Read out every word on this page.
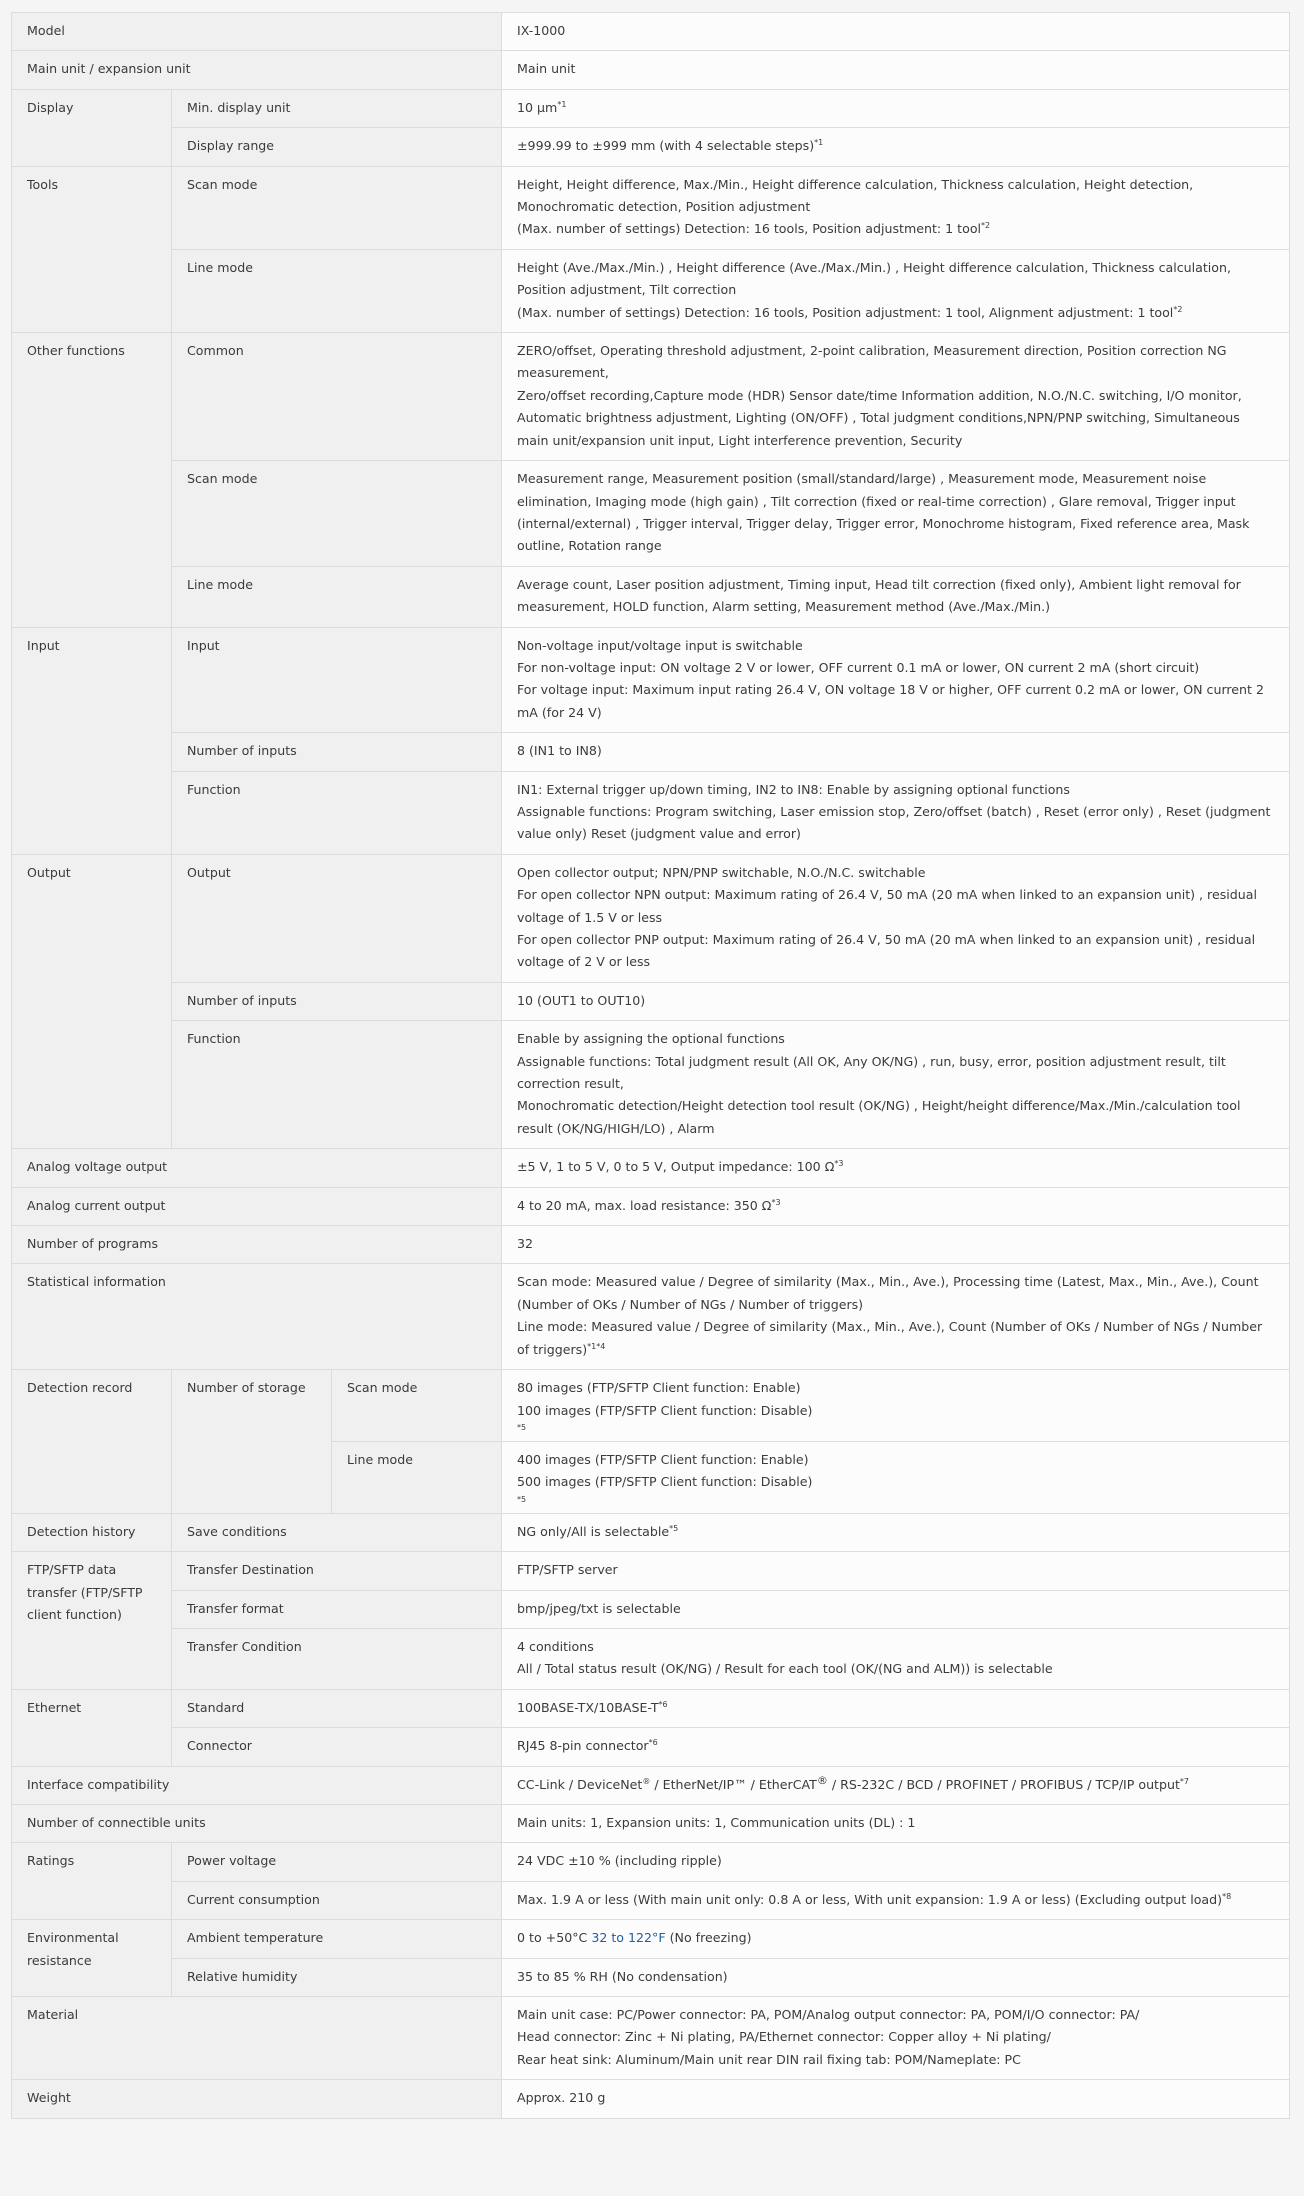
Model			IX-1000
Main unit / expansion unit			Main unit
Display	Min. display unit		10 µm$^{*1}$
	Display range		±999.99 to ±999 mm (with 4 selectable steps)$^{*1}$
Tools	Scan mode		Height, Height difference, Max./Min., Height difference calculation, Thickness calculation, Height detection, Monochromatic detection, Position adjustment
(Max. number of settings) Detection: 16 tools, Position adjustment: 1 tool$^{*2}$

	Line mode		Height (Ave./Max./Min.) , Height difference (Ave./Max./Min.) , Height difference calculation, Thickness calculation, Position adjustment, Tilt correction
(Max. number of settings) Detection: 16 tools, Position adjustment: 1 tool, Alignment adjustment: 1 tool$^{*2}$

Other functions	Common		ZERO/offset, Operating threshold adjustment, 2-point calibration, Measurement direction, Position correction NG measurement,
Zero/offset recording,Capture mode (HDR) Sensor date/time Information addition, N.O./N.C. switching, I/O monitor, Automatic brightness adjustment, Lighting (ON/OFF) , Total judgment conditions,NPN/PNP switching, Simultaneous main unit/expansion unit input, Light interference prevention, Security

	Scan mode		Measurement range, Measurement position (small/standard/large) , Measurement mode, Measurement noise elimination, Imaging mode (high gain) , Tilt correction (fixed or real-time correction) , Glare removal, Trigger input (internal/external) , Trigger interval, Trigger delay, Trigger error, Monochrome histogram, Fixed reference area, Mask outline, Rotation range
	Line mode		Average count, Laser position adjustment, Timing input, Head tilt correction (fixed only), Ambient light removal for measurement, HOLD function, Alarm setting, Measurement method (Ave./Max./Min.)
Input	Input		Non-voltage input/voltage input is switchable
For non-voltage input: ON voltage 2 V or lower, OFF current 0.1 mA or lower, ON current 2 mA (short circuit)
For voltage input: Maximum input rating 26.4 V, ON voltage 18 V or higher, OFF current 0.2 mA or lower, ON current 2 mA (for 24 V)

	Number of inputs		8 (IN1 to IN8)
	Function		IN1: External trigger up/down timing, IN2 to IN8: Enable by assigning optional functions
Assignable functions: Program switching, Laser emission stop, Zero/offset (batch) , Reset (error only) , Reset (judgment value only) Reset (judgment value and error)

Output	Output		Open collector output; NPN/PNP switchable, N.O./N.C. switchable
For open collector NPN output: Maximum rating of 26.4 V, 50 mA (20 mA when linked to an expansion unit) , residual voltage of 1.5 V or less
For open collector PNP output: Maximum rating of 26.4 V, 50 mA (20 mA when linked to an expansion unit) , residual voltage of 2 V or less

	Number of inputs		10 (OUT1 to OUT10)
	Function		Enable by assigning the optional functions
Assignable functions: Total judgment result (All OK, Any OK/NG) , run, busy, error, position adjustment result, tilt correction result,
Monochromatic detection/Height detection tool result (OK/NG) , Height/height difference/Max./Min./calculation tool result (OK/NG/HIGH/LO) , Alarm

Analog voltage output			±5 V, 1 to 5 V, 0 to 5 V, Output impedance: 100 $\Omega^{*3}$
Analog current output			4 to 20 mA, max. load resistance: 350 $\Omega^{*3}$
Number of programs			32
Statistical information			Scan mode: Measured value / Degree of similarity (Max., Min., Ave.), Processing time (Latest, Max., Min., Ave.), Count (Number of OKs / Number of NGs / Number of triggers)
Line mode: Measured value / Degree of similarity (Max., Min., Ave.), Count (Number of OKs / Number of NGs / Number of triggers)$^{*1*4}$

Detection record	Number of storage	Scan mode	80 images (FTP/SFTP Client function: Enable)
100 images (FTP/SFTP Client function: Disable)
*5

		Line mode	400 images (FTP/SFTP Client function: Enable)
500 images (FTP/SFTP Client function: Disable)
*5

Detection history	Save conditions		NG only/All is selectable$^{*5}$
FTP/SFTP data transfer (FTP/SFTP client function)	Transfer Destination		FTP/SFTP server
	Transfer format		bmp/jpeg/txt is selectable
	Transfer Condition		4 conditions
All / Total status result (OK/NG) / Result for each tool (OK/(NG and ALM)) is selectable

Ethernet	Standard		$100BASE-TX/10BASE-T^{*6}$
	Connector		RJ45 8-pin connector$^{*6}$
Interface compatibility			CC-Link / DeviceNet® / EtherNet/IP™ / EtherCAT® / RS-232C / BCD / PROFINET / PROFIBUS / TCP/IP output$^{*7}$
Number of connectible units			Main units: 1, Expansion units: 1, Communication units (DL) : 1
Ratings	Power voltage		24 VDC ±10 % (including ripple)
	Current consumption		Max. 1.9 A or less (With main unit only: 0.8 A or less, With unit expansion: 1.9 A or less) (Excluding output load)$^{*8}$
Environmental resistance	Ambient temperature		0 to +50°C 32 to 122°F (No freezing)
	Relative humidity		35 to 85 % RH (No condensation)
Material			Main unit case: PC/Power connector: PA, POM/Analog output connector: PA, POM/I/O connector: PA/
Head connector: Zinc + Ni plating, PA/Ethernet connector: Copper alloy + Ni plating/
Rear heat sink: Aluminum/Main unit rear DIN rail fixing tab: POM/Nameplate: PC

Weight			Approx. 210 g
